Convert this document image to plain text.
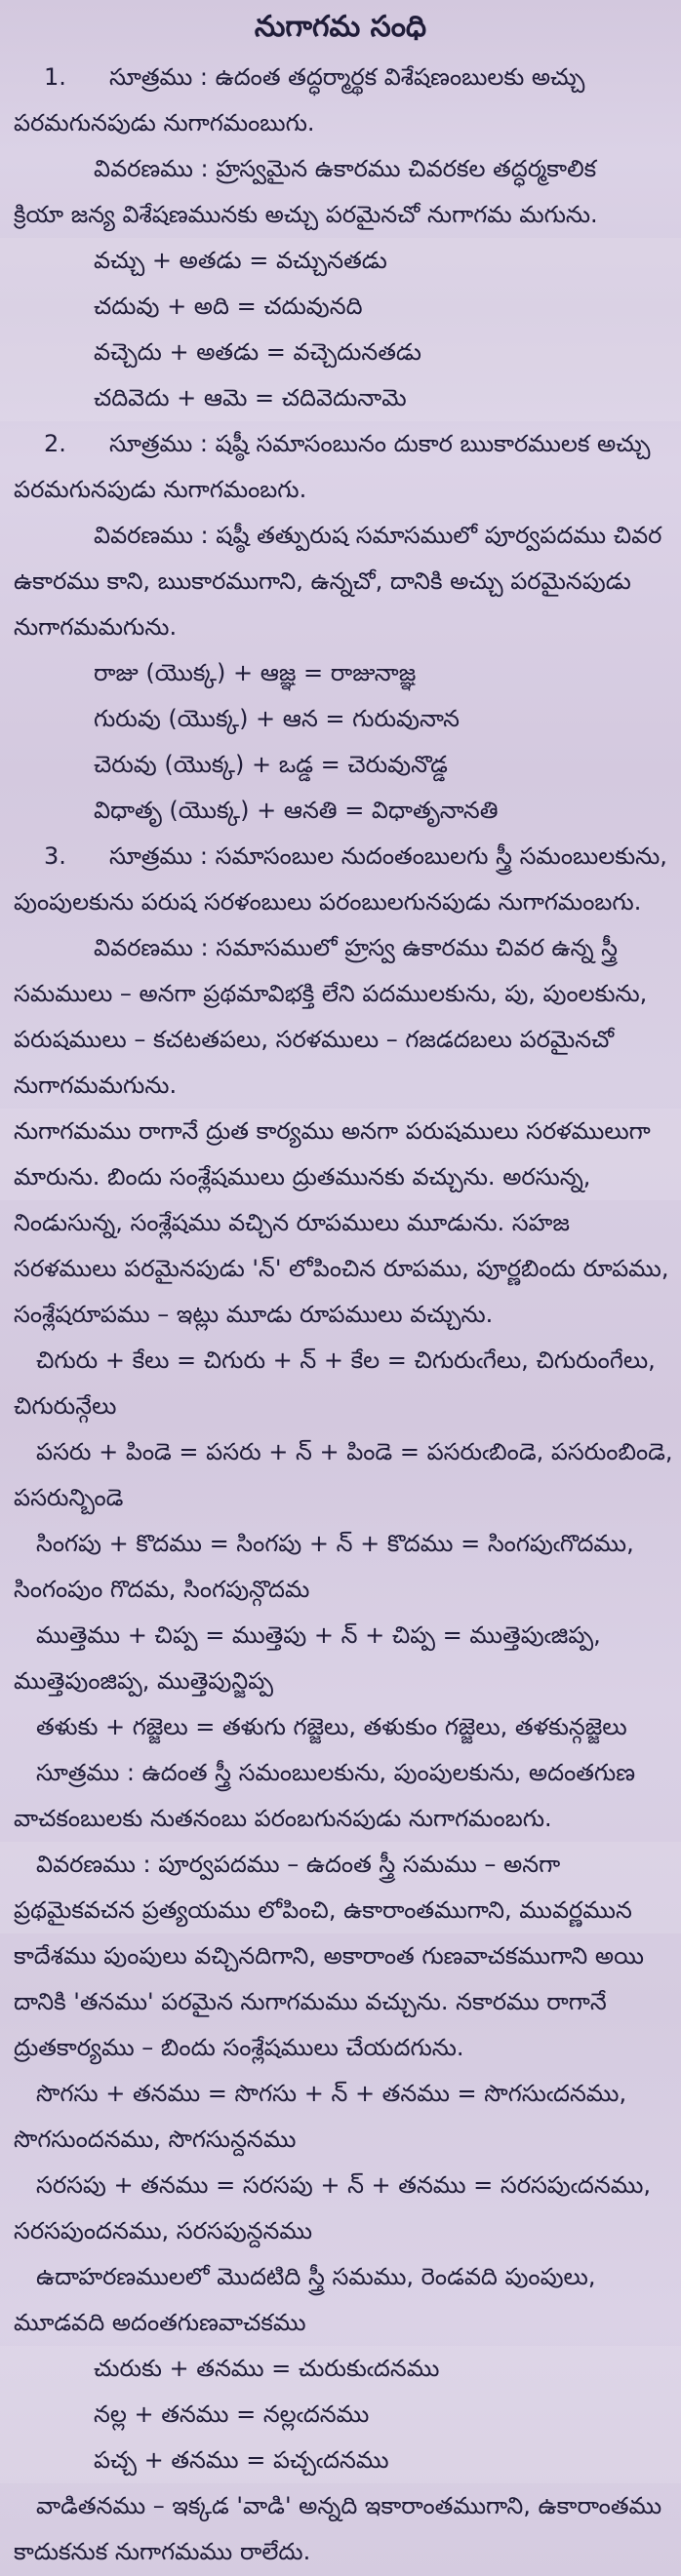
నుగాగమ సంధి
1. సూత్రము : ఉదంత తద్ధర్మార్థక విశేషణంబులకు అచ్చు
పరమగునపుడు నుగాగమంబుగు.
వివరణము : హ్రస్వమైన ఉకారము చివరకల తద్ధర్మకాలిక
క్రియా జన్య విశేషణమునకు అచ్చు పరమైనచో నుగాగమ మగును.
వచ్చు + అతడు = వచ్చునతడు
చదువు + అది = చదువునది
వచ్చెదు + అతడు = వచ్చెదునతడు
చదివెదు + ఆమె = చదివెదునామె
2. సూత్రము : షష్ఠీ సమాసంబునం దుకార ఋకారములక అచ్చు
పరమగునపుడు నుగాగమంబగు.
వివరణము : షష్ఠీ తత్పురుష సమాసములో పూర్వపదము చివర
ఉకారము కాని, ఋకారముగాని, ఉన్నచో, దానికి అచ్చు పరమైనపుడు
నుగాగమమగును.
రాజు (యొక్క) + ఆజ్ఞ = రాజునాజ్ఞ
గురువు (యొక్క) + ఆన = గురువునాన
చెరువు (యొక్క) + ఒడ్డ = చెరువునొడ్డ
విధాతృ (యొక్క) + ఆనతి = విధాతృనానతి
3. సూత్రము : సమాసంబుల నుదంతంబులగు స్త్రీ సమంబులకును,
పుంపులకును పరుష సరళంబులు పరంబులగునపుడు నుగాగమంబగు.
వివరణము : సమాసములో హ్రస్వ ఉకారము చివర ఉన్న స్త్రీ
సమములు – అనగా ప్రథమావిభక్తి లేని పదములకును, పు, పుంలకును,
పరుషములు – కచటతపలు, సరళములు – గజడదబలు పరమైనచో
నుగాగమమగును.
నుగాగమము రాగానే ద్రుత కార్యము అనగా పరుషములు సరళములుగా
మారును. బిందు సంశ్లేషములు ద్రుతమునకు వచ్చును. అరసున్న,
నిండుసున్న, సంశ్లేషము వచ్చిన రూపములు మూడును. సహజ
సరళములు పరమైనపుడు 'న్' లోపించిన రూపము, పూర్ణబిందు రూపము,
సంశ్లేషరూపము – ఇట్లు మూడు రూపములు వచ్చును.
చిగురు + కేలు = చిగురు + న్ + కేల = చిగురుఁగేలు, చిగురుంగేలు,
చిగురున్గేలు
పసరు + పిండె = పసరు + న్ + పిండె = పసరుఁబిండె, పసరుంబిండె,
పసరున్బిండె
సింగపు + కొదము = సింగపు + న్ + కొదము = సింగపుఁగొదము,
సింగంపుం గొదమ, సింగపున్గొదమ
ముత్తెము + చిప్ప = ముత్తెపు + న్ + చిప్ప = ముత్తెపుఁజిప్ప,
ముత్తెపుంజిప్ప, ముత్తెపున్జిప్ప
తళుకు + గజ్జెలు = తళుగు గజ్జెలు, తళుకుం గజ్జెలు, తళకున్గజ్జెలు
సూత్రము : ఉదంత స్త్రీ సమంబులకును, పుంపులకును, అదంతగుణ
వాచకంబులకు నుతనంబు పరంబగునపుడు నుగాగమంబగు.
వివరణము : పూర్వపదము – ఉదంత స్త్రీ సమము – అనగా
ప్రథమైకవచన ప్రత్యయము లోపించి, ఉకారాంతముగాని, మువర్ణమున
కాదేశము పుంపులు వచ్చినదిగాని, అకారాంత గుణవాచకముగాని అయి
దానికి 'తనము' పరమైన నుగాగమము వచ్చును. నకారము రాగానే
ద్రుతకార్యము – బిందు సంశ్లేషములు చేయదగును.
సొగసు + తనము = సొగసు + న్ + తనము = సొగసుఁదనము,
సొగసుందనము, సొగసున్దనము
సరసపు + తనము = సరసపు + న్ + తనము = సరసపుఁదనము,
సరసపుందనము, సరసపున్దనము
ఉదాహరణములలో మొదటిది స్త్రీ సమము, రెండవది పుంపులు,
మూడవది అదంతగుణవాచకము
చురుకు + తనము = చురుకుఁదనము
నల్ల + తనము = నల్లఁదనము
పచ్చ + తనము = పచ్చఁదనము
వాడితనము – ఇక్కడ 'వాడి' అన్నది ఇకారాంతముగాని, ఉకారాంతము
కాదుకనుక నుగాగమము రాలేదు.
